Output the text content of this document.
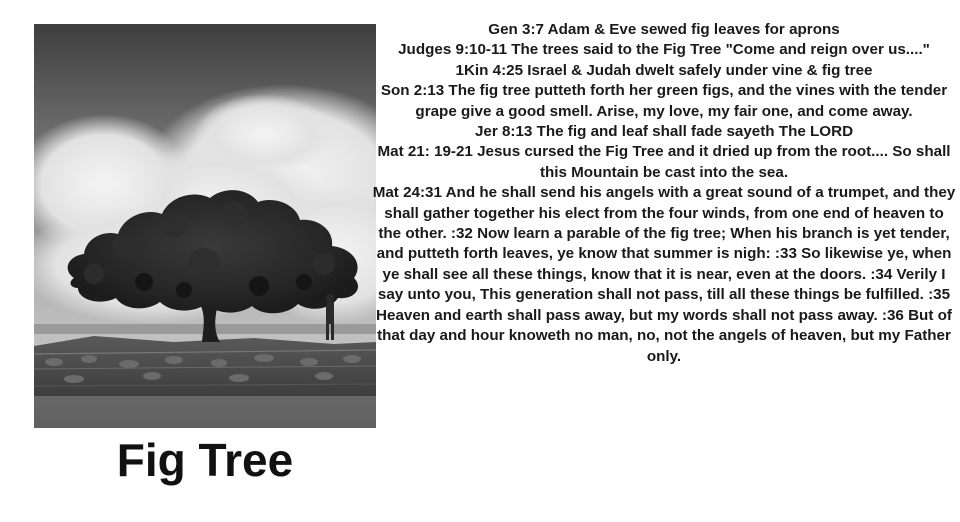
Fig Tree

Gen 3:7 Adam & Eve sewed fig leaves for aprons

Judges 9:10-11 The trees said to the Fig Tree "Come and reign over us...."

1Kin 4:25 Israel & Judah dwelt safely under vine & fig tree

Son 2:13 The fig tree putteth forth her green figs, and the vines with the tender grape give a good smell. Arise, my love, my fair one, and come away.

Jer 8:13 The fig and leaf shall fade sayeth The LORD

Mat 21: 19-21 Jesus cursed the Fig Tree and it dried up from the root.... So shall this Mountain be cast into the sea.

Mat 24:31 And he shall send his angels with a great sound of a trumpet, and they shall gather together his elect from the four winds, from one end of heaven to the other. :32 Now learn a parable of the fig tree; When his branch is yet tender, and putteth forth leaves, ye know that summer is nigh: :33 So likewise ye, when ye shall see all these things, know that it is near, even at the doors. :34 Verily I say unto you, This generation shall not pass, till all these things be fulfilled. :35 Heaven and earth shall pass away, but my words shall not pass away. :36 But of that day and hour knoweth no man, no, not the angels of heaven, but my Father only.
